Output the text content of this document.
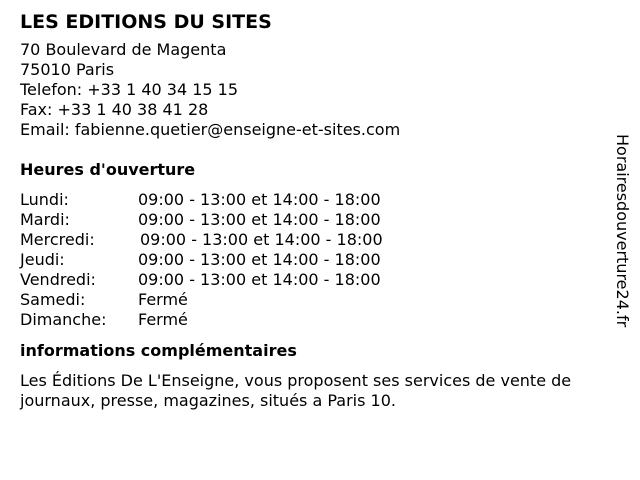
LES EDITIONS DU SITES
70 Boulevard de Magenta
75010 Paris
Telefon: +33 1 40 34 15 15
Fax: +33 1 40 38 41 28
Email: fabienne.quetier@enseigne-et-sites.com
Heures d'ouverture
Lundi:	09:00 - 13:00 et 14:00 - 18:00
Mardi:	09:00 - 13:00 et 14:00 - 18:00
Mercredi:	09:00 - 13:00 et 14:00 - 18:00
Jeudi:	09:00 - 13:00 et 14:00 - 18:00
Vendredi:	09:00 - 13:00 et 14:00 - 18:00
Samedi:	Fermé
Dimanche: Fermé
informations complémentaires

Les Éditions De L'Enseigne, vous proposent ses services de vente de journaux, presse, magazines, situés a Paris 10.

Horairesdouverture24.fr
